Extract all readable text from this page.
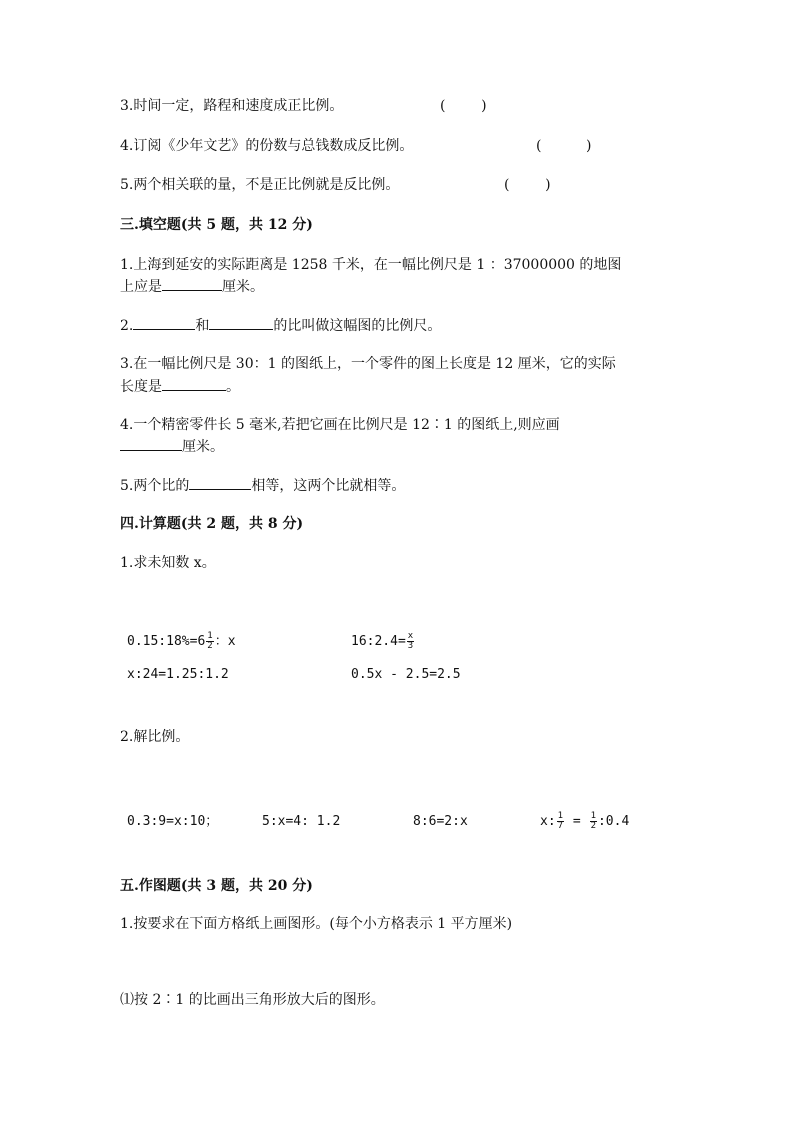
3.时间一定，路程和速度成正比例。	(        )
4.订阅《少年文艺》的份数与总钱数成反比例。	(          )
5.两个相关联的量，不是正比例就是反比例。	(        )
三.填空题(共 5 题，共 12 分)
1.上海到延安的实际距离是 1258 千米，在一幅比例尺是 1 ：37000000 的地图
上应是	厘米。
2.	和	的比叫做这幅图的比例尺。
3.在一幅比例尺是 30：1 的图纸上，一个零件的图上长度是 12 厘米，它的实际
长度是	。
4.一个精密零件长 5 毫米,若把它画在比例尺是 12∶1 的图纸上,则应画
厘米。
5.两个比的	相等，这两个比就相等。
四.计算题(共 2 题，共 8 分)
1.求未知数 x。
0.15:18%=6 $\frac{1}{2}$ ：x	16:2.4= $\frac{x}{3}$
x:24=1.25:1.2	0.5x - 2.5=2.5
2.解比例。
0.3:9=x:10；	5:x=4: 1.2	8:6=2:x	x: $\frac{1}{7} = \frac{1}{2}$ :0.4
五.作图题(共 3 题，共 20 分)
1.按要求在下面方格纸上画图形。(每个小方格表示 1 平方厘米)
⑴按 2∶1 的比画出三角形放大后的图形。
